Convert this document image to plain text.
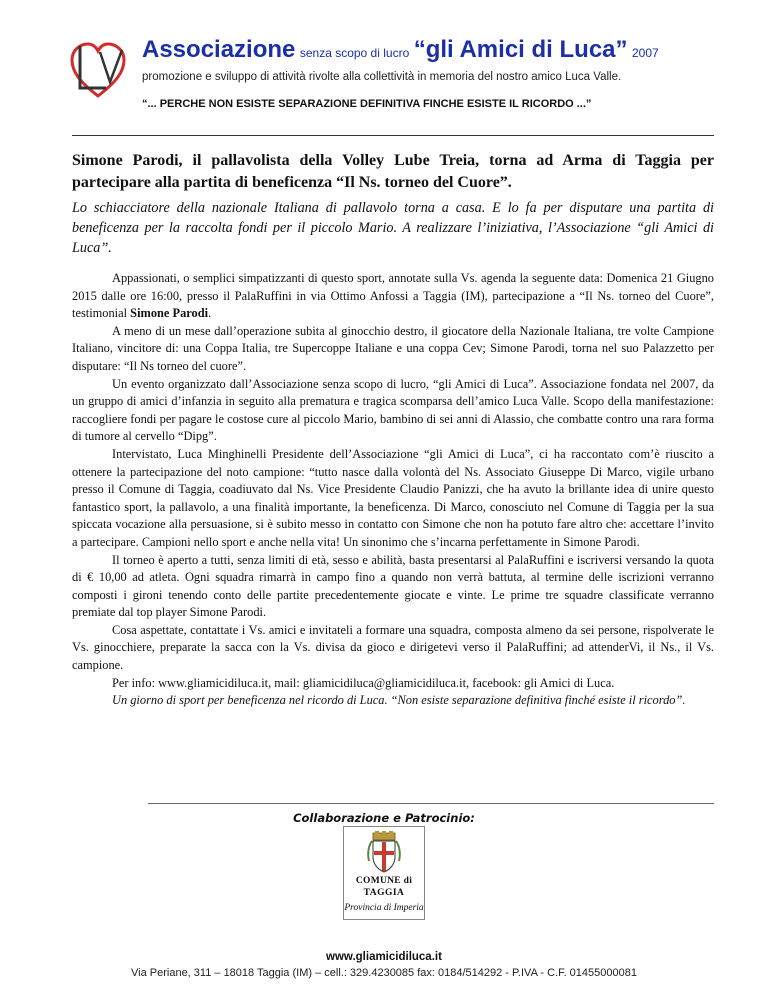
Associazione senza scopo di lucro “gli Amici di Luca” 2007
promozione e sviluppo di attività rivolte alla collettività in memoria del nostro amico Luca Valle.
“... PERCHE NON ESISTE SEPARAZIONE DEFINITIVA FINCHE ESISTE IL RICORDO ...”
Simone Parodi, il pallavolista della Volley Lube Treia, torna ad Arma di Taggia per partecipare alla partita di beneficenza “Il Ns. torneo del Cuore”.

Lo schiacciatore della nazionale Italiana di pallavolo torna a casa. E lo fa per disputare una partita di beneficenza per la raccolta fondi per il piccolo Mario. A realizzare l’iniziativa, l’Associazione “gli Amici di Luca”.

Appassionati, o semplici simpatizzanti di questo sport, annotate sulla Vs. agenda la seguente data: Domenica 21 Giugno 2015 dalle ore 16:00, presso il PalaRuffini in via Ottimo Anfossi a Taggia (IM), partecipazione a “Il Ns. torneo del Cuore”, testimonial Simone Parodi.

A meno di un mese dall’operazione subita al ginocchio destro, il giocatore della Nazionale Italiana, tre volte Campione Italiano, vincitore di: una Coppa Italia, tre Supercoppe Italiane e una coppa Cev; Simone Parodi, torna nel suo Palazzetto per disputare: “Il Ns torneo del cuore”.

Un evento organizzato dall’Associazione senza scopo di lucro, “gli Amici di Luca”. Associazione fondata nel 2007, da un gruppo di amici d’infanzia in seguito alla prematura e tragica scomparsa dell’amico Luca Valle. Scopo della manifestazione: raccogliere fondi per pagare le costose cure al piccolo Mario, bambino di sei anni di Alassio, che combatte contro una rara forma di tumore al cervello “Dipg”.

Intervistato, Luca Minghinelli Presidente dell’Associazione “gli Amici di Luca”, ci ha raccontato com’è riuscito a ottenere la partecipazione del noto campione: “tutto nasce dalla volontà del Ns. Associato Giuseppe Di Marco, vigile urbano presso il Comune di Taggia, coadiuvato dal Ns. Vice Presidente Claudio Panizzi, che ha avuto la brillante idea di unire questo fantastico sport, la pallavolo, a una finalità importante, la beneficenza. Di Marco, conosciuto nel Comune di Taggia per la sua spiccata vocazione alla persuasione, si è subito messo in contatto con Simone che non ha potuto fare altro che: accettare l’invito a partecipare. Campioni nello sport e anche nella vita! Un sinonimo che s’incarna perfettamente in Simone Parodi.

Il torneo è aperto a tutti, senza limiti di età, sesso e abilità, basta presentarsi al PalaRuffini e iscriversi versando la quota di € 10,00 ad atleta. Ogni squadra rimarrà in campo fino a quando non verrà battuta, al termine delle iscrizioni verranno composti i gironi tenendo conto delle partite precedentemente giocate e vinte. Le prime tre squadre classificate verranno premiate dal top player Simone Parodi.

Cosa aspettate, contattate i Vs. amici e invitateli a formare una squadra, composta almeno da sei persone, rispolverate le Vs. ginocchiere, preparate la sacca con la Vs. divisa da gioco e dirigetevi verso il PalaRuffini; ad attenderVi, il Ns., il Vs. campione.

Per info: www.gliamicidiluca.it, mail: gliamicidiluca@gliamicidiluca.it, facebook: gli Amici di Luca.

Un giorno di sport per beneficenza nel ricordo di Luca. “Non esiste separazione definitiva finché esiste il ricordo”.

Collaborazione e Patrocinio:
COMUNE di
TAGGIA
Provincia di Imperia
www.gliamicidiluca.it
Via Periane, 311 – 18018 Taggia (IM) – cell.: 329.4230085 fax: 0184/514292 - P.IVA - C.F. 01455000081
